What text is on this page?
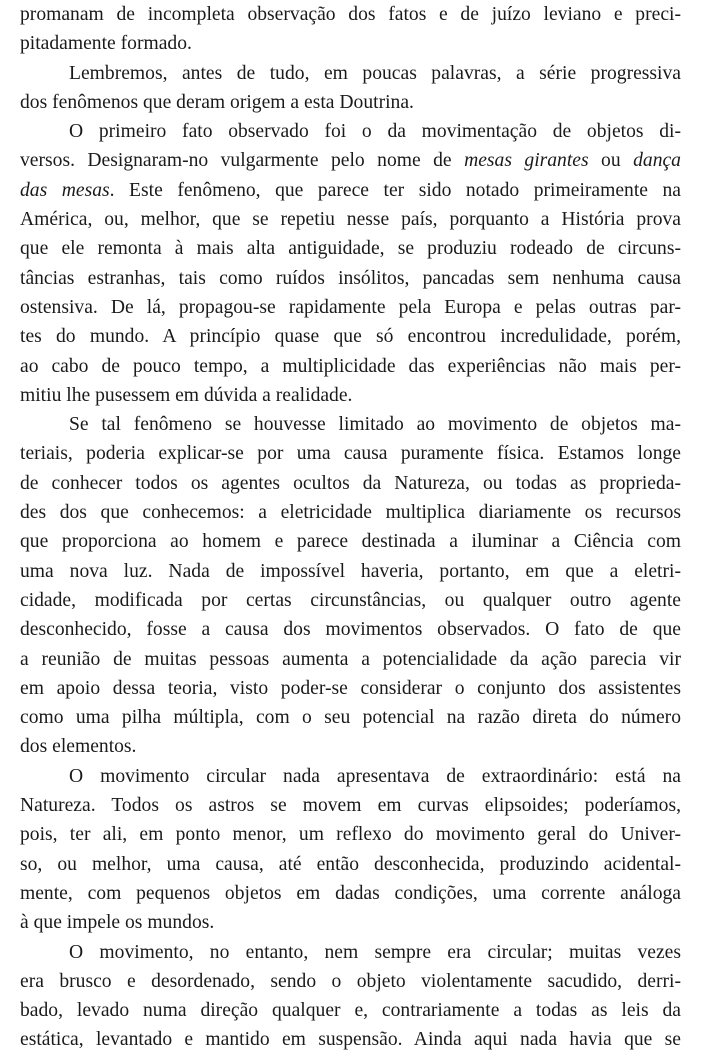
promanam de incompleta observação dos fatos e de juízo leviano e preci-
pitadamente formado.
Lembremos, antes de tudo, em poucas palavras, a série progressiva
dos fenômenos que deram origem a esta Doutrina.
O primeiro fato observado foi o da movimentação de objetos di-
versos. Designaram-no vulgarmente pelo nome de mesas girantes ou dança
das mesas. Este fenômeno, que parece ter sido notado primeiramente na
América, ou, melhor, que se repetiu nesse país, porquanto a História prova
que ele remonta à mais alta antiguidade, se produziu rodeado de circuns-
tâncias estranhas, tais como ruídos insólitos, pancadas sem nenhuma causa
ostensiva. De lá, propagou-se rapidamente pela Europa e pelas outras par-
tes do mundo. A princípio quase que só encontrou incredulidade, porém,
ao cabo de pouco tempo, a multiplicidade das experiências não mais per-
mitiu lhe pusessem em dúvida a realidade.
Se tal fenômeno se houvesse limitado ao movimento de objetos ma-
teriais, poderia explicar-se por uma causa puramente física. Estamos longe
de conhecer todos os agentes ocultos da Natureza, ou todas as proprieda-
des dos que conhecemos: a eletricidade multiplica diariamente os recursos
que proporciona ao homem e parece destinada a iluminar a Ciência com
uma nova luz. Nada de impossível haveria, portanto, em que a eletri-
cidade, modificada por certas circunstâncias, ou qualquer outro agente
desconhecido, fosse a causa dos movimentos observados. O fato de que
a reunião de muitas pessoas aumenta a potencialidade da ação parecia vir
em apoio dessa teoria, visto poder-se considerar o conjunto dos assistentes
como uma pilha múltipla, com o seu potencial na razão direta do número
dos elementos.
O movimento circular nada apresentava de extraordinário: está na
Natureza. Todos os astros se movem em curvas elipsoides; poderíamos,
pois, ter ali, em ponto menor, um reflexo do movimento geral do Univer-
so, ou melhor, uma causa, até então desconhecida, produzindo acidental-
mente, com pequenos objetos em dadas condições, uma corrente análoga
à que impele os mundos.
O movimento, no entanto, nem sempre era circular; muitas vezes
era brusco e desordenado, sendo o objeto violentamente sacudido, derri-
bado, levado numa direção qualquer e, contrariamente a todas as leis da
estática, levantado e mantido em suspensão. Ainda aqui nada havia que se
